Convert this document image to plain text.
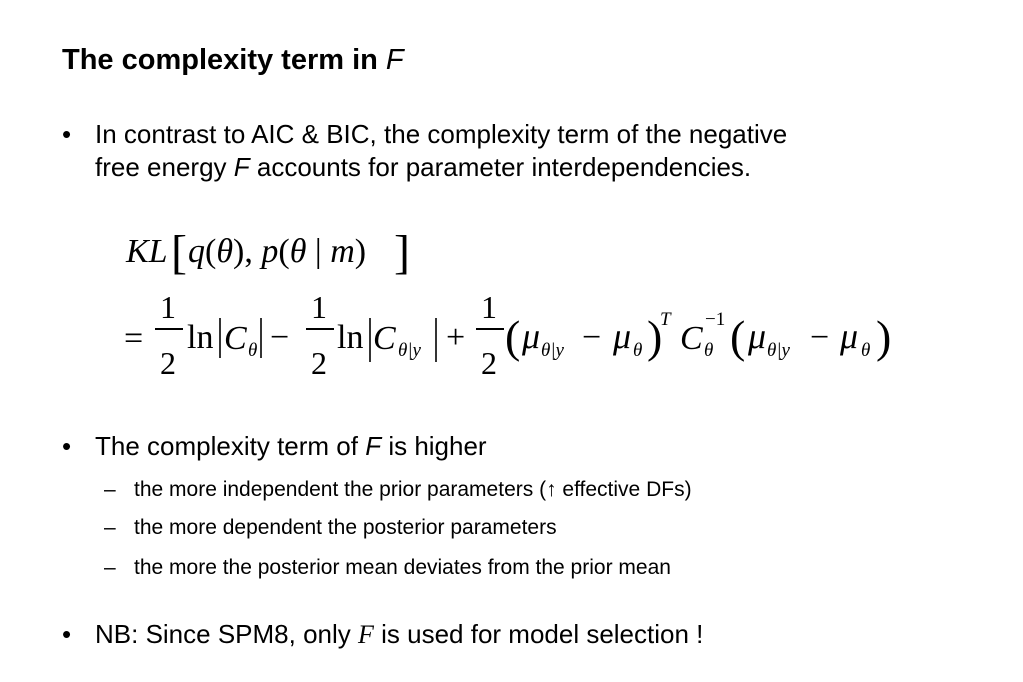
The complexity term in F
• In contrast to AIC & BIC, the complexity term of the negative
free energy F accounts for parameter interdependencies.
KL [ q(θ), p(θ | m) ]
=
1
2
ln C θ −
1
2
ln C θ|y +
1
2
( μ θ|y − μ θ )
T
C
−1
θ ( μ θ|y − μ θ )
• The complexity term of F is higher
– the more independent the prior parameters (↑ effective DFs)
– the more dependent the posterior parameters
– the more the posterior mean deviates from the prior mean
• NB: Since SPM8, only F is used for model selection !
